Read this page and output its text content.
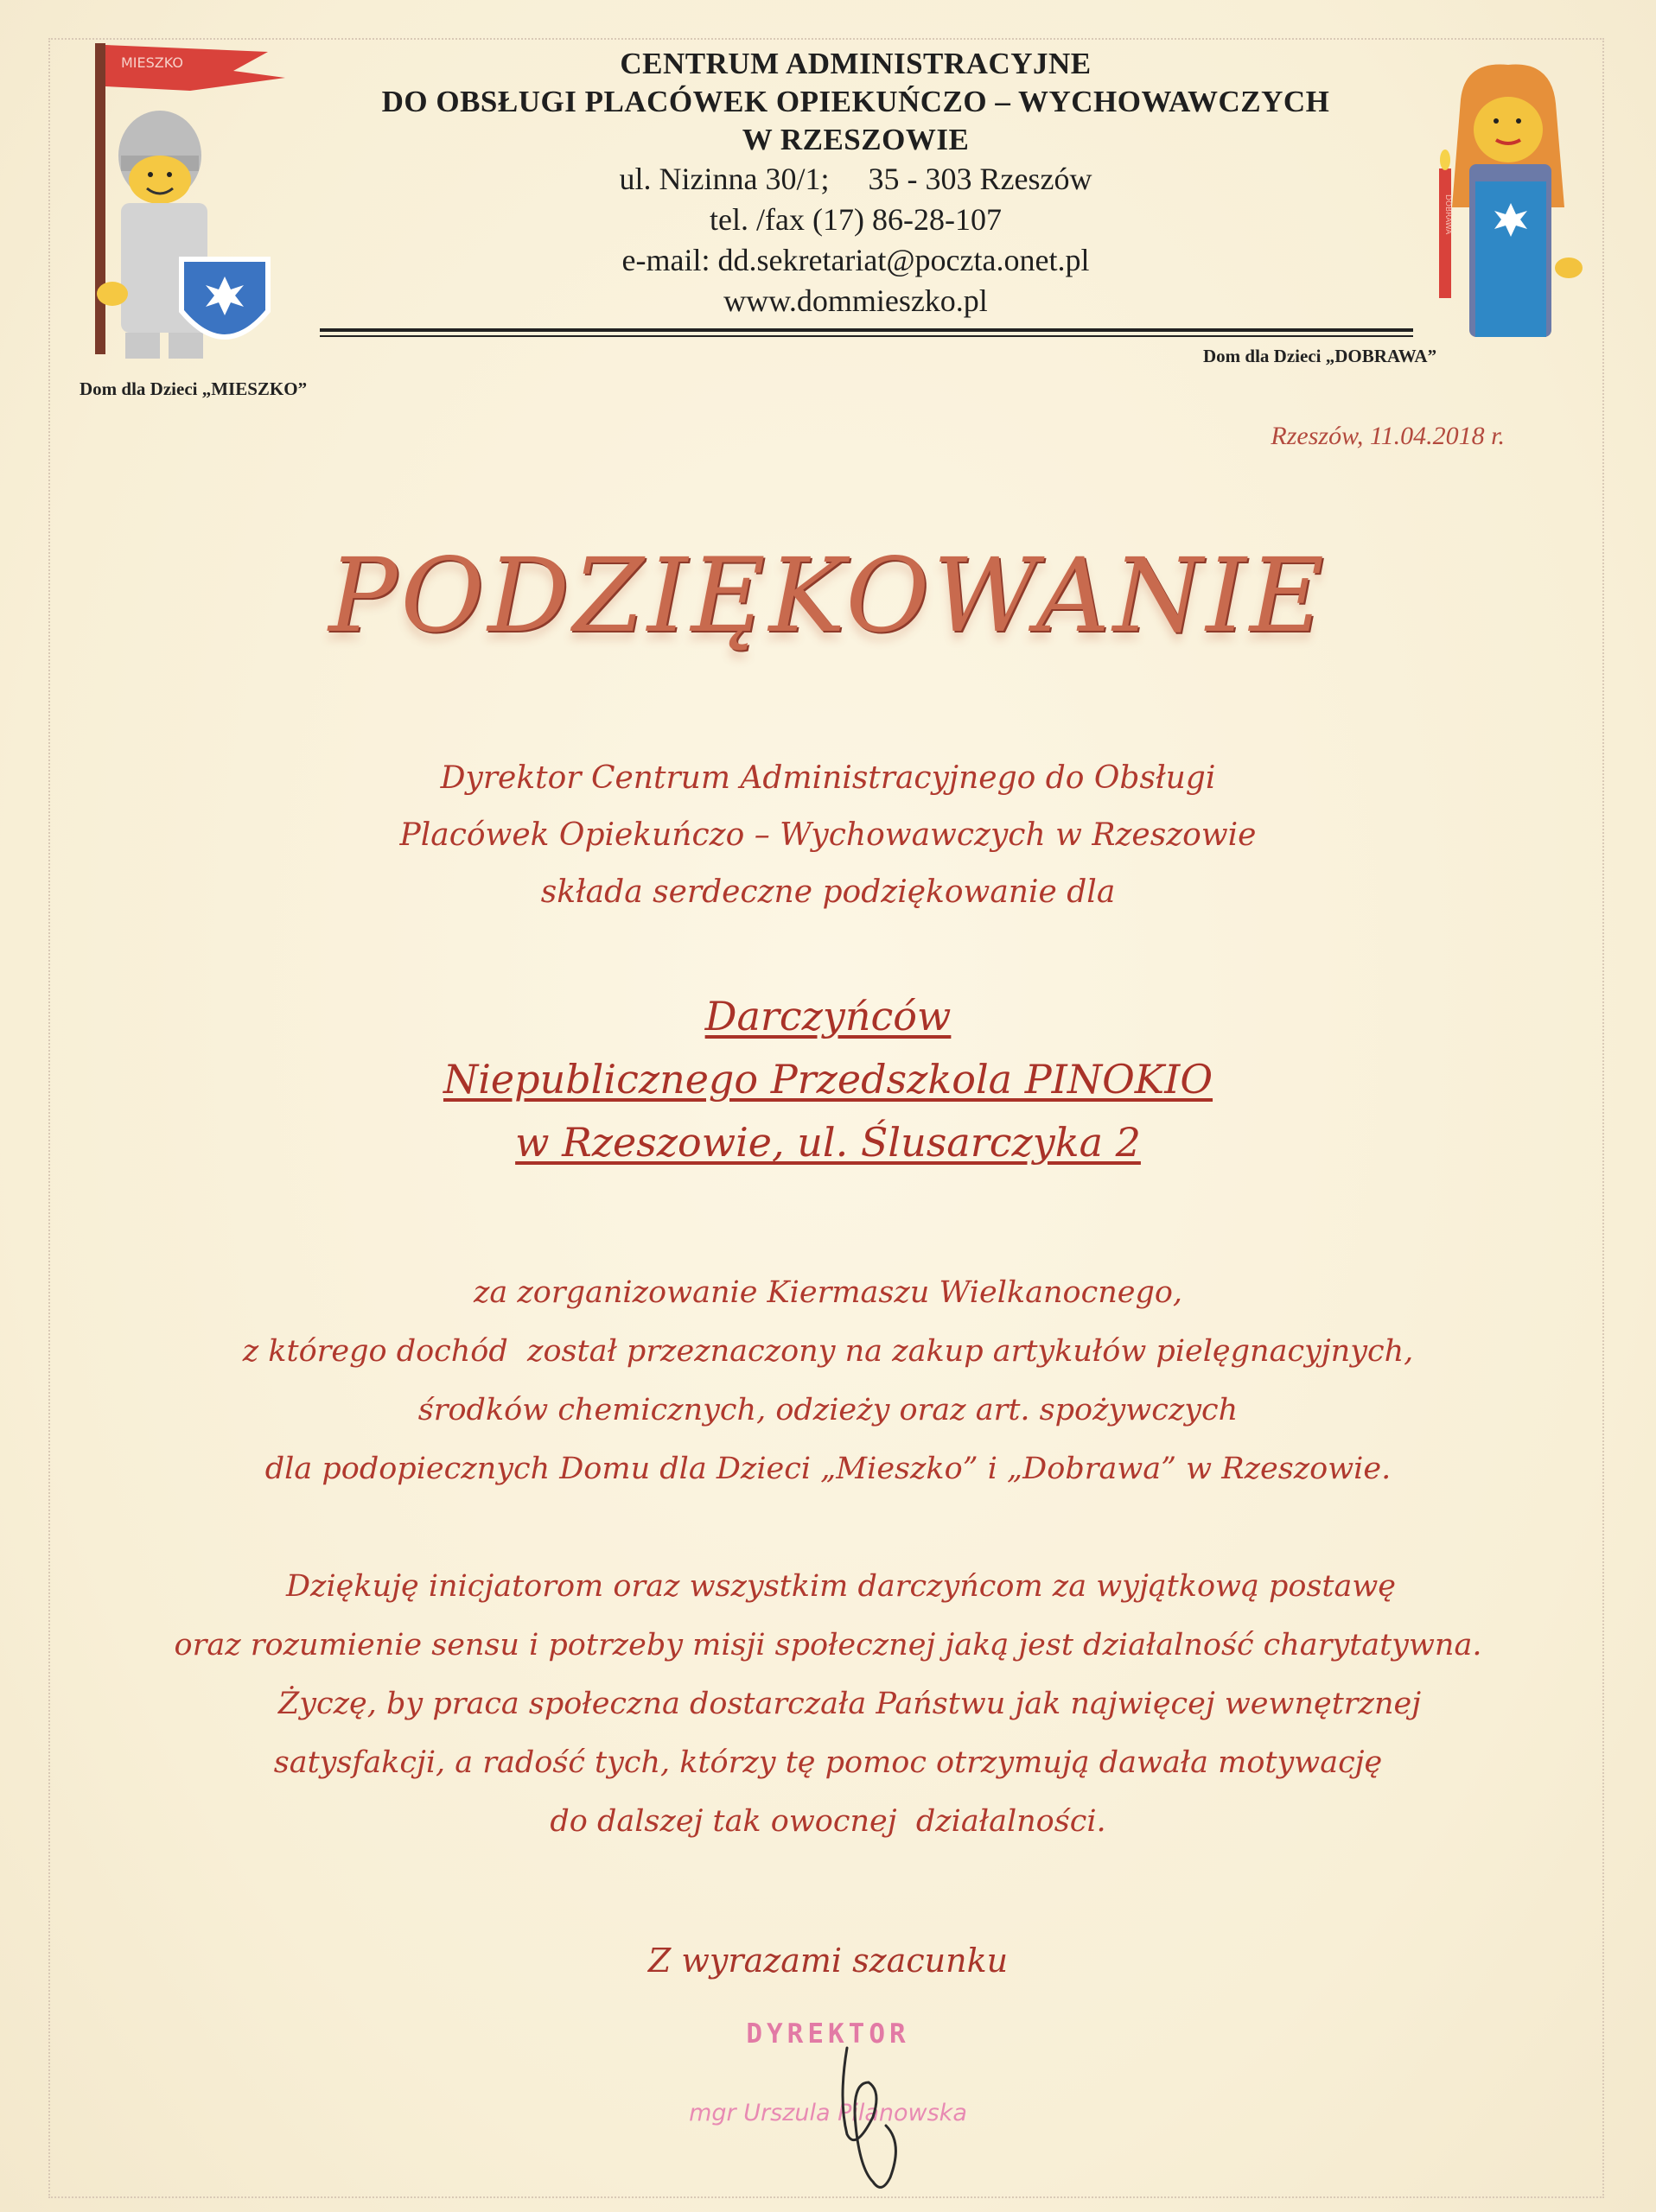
MIESZKO
Dom dla Dzieci „MIESZKO”
DOBRAWA
Dom dla Dzieci „DOBRAWA”
CENTRUM ADMINISTRACYJNE
DO OBSŁUGI PLACÓWEK OPIEKUŃCZO – WYCHOWAWCZYCH
W RZESZOWIE
ul. Nizinna 30/1;     35 - 303 Rzeszów
tel. /fax (17) 86-28-107
e-mail: dd.sekretariat@poczta.onet.pl
www.dommieszko.pl
Rzeszów, 11.04.2018 r.
PODZIĘKOWANIE
Dyrektor Centrum Administracyjnego do Obsługi
Placówek Opiekuńczo – Wychowawczych w Rzeszowie
składa serdeczne podziękowanie dla
Darczyńców
Niepublicznego Przedszkola PINOKIO
w Rzeszowie, ul. Ślusarczyka 2
za zorganizowanie Kiermaszu Wielkanocnego,
z którego dochód  został przeznaczony na zakup artykułów pielęgnacyjnych,
środków chemicznych, odzieży oraz art. spożywczych
dla podopiecznych Domu dla Dzieci „Mieszko” i „Dobrawa” w Rzeszowie.
Dziękuję inicjatorom oraz wszystkim darczyńcom za wyjątkową postawę
oraz rozumienie sensu i potrzeby misji społecznej jaką jest działalność charytatywna.
Życzę, by praca społeczna dostarczała Państwu jak najwięcej wewnętrznej
satysfakcji, a radość tych, którzy tę pomoc otrzymują dawała motywację
do dalszej tak owocnej  działalności.
Z wyrazami szacunku
DYREKTOR
mgr Urszula Pilanowska
